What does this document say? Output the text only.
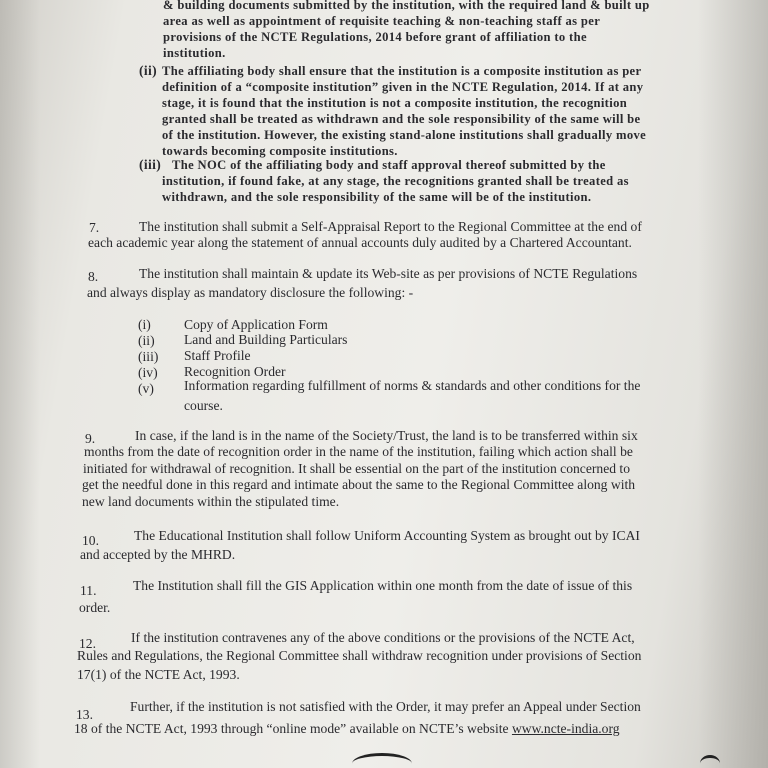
& building documents submitted by the institution, with the required land & built up
area as well as appointment of requisite teaching & non-teaching staff as per
provisions of the NCTE Regulations, 2014 before grant of affiliation to the
institution.
(ii) The affiliating body shall ensure that the institution is a composite institution as per
definition of a “composite institution” given in the NCTE Regulation, 2014. If at any
stage, it is found that the institution is not a composite institution, the recognition
granted shall be treated as withdrawn and the sole responsibility of the same will be
of the institution. However, the existing stand-alone institutions shall gradually move
towards becoming composite institutions.
(iii) The NOC of the affiliating body and staff approval thereof submitted by the
institution, if found fake, at any stage, the recognitions granted shall be treated as
withdrawn, and the sole responsibility of the same will be of the institution.
7.	The institution shall submit a Self-Appraisal Report to the Regional Committee at the end of
each academic year along the statement of annual accounts duly audited by a Chartered Accountant.
8.	The institution shall maintain & update its Web-site as per provisions of NCTE Regulations
and always display as mandatory disclosure the following: -
(i) Copy of Application Form
(ii) Land and Building Particulars
(iii) Staff Profile
(iv) Recognition Order
(v) Information regarding fulfillment of norms & standards and other conditions for the
course.
9.	In case, if the land is in the name of the Society/Trust, the land is to be transferred within six
months from the date of recognition order in the name of the institution, failing which action shall be
initiated for withdrawal of recognition. It shall be essential on the part of the institution concerned to
get the needful done in this regard and intimate about the same to the Regional Committee along with
new land documents within the stipulated time.
10.	The Educational Institution shall follow Uniform Accounting System as brought out by ICAI
and accepted by the MHRD.
11.	The Institution shall fill the GIS Application within one month from the date of issue of this
order.
12.	If the institution contravenes any of the above conditions or the provisions of the NCTE Act,
Rules and Regulations, the Regional Committee shall withdraw recognition under provisions of Section
17(1) of the NCTE Act, 1993.
13.
Further, if the institution is not satisfied with the Order, it may prefer an Appeal under Section
18 of the NCTE Act, 1993 through “online mode” available on NCTE’s website www.ncte-india.org
